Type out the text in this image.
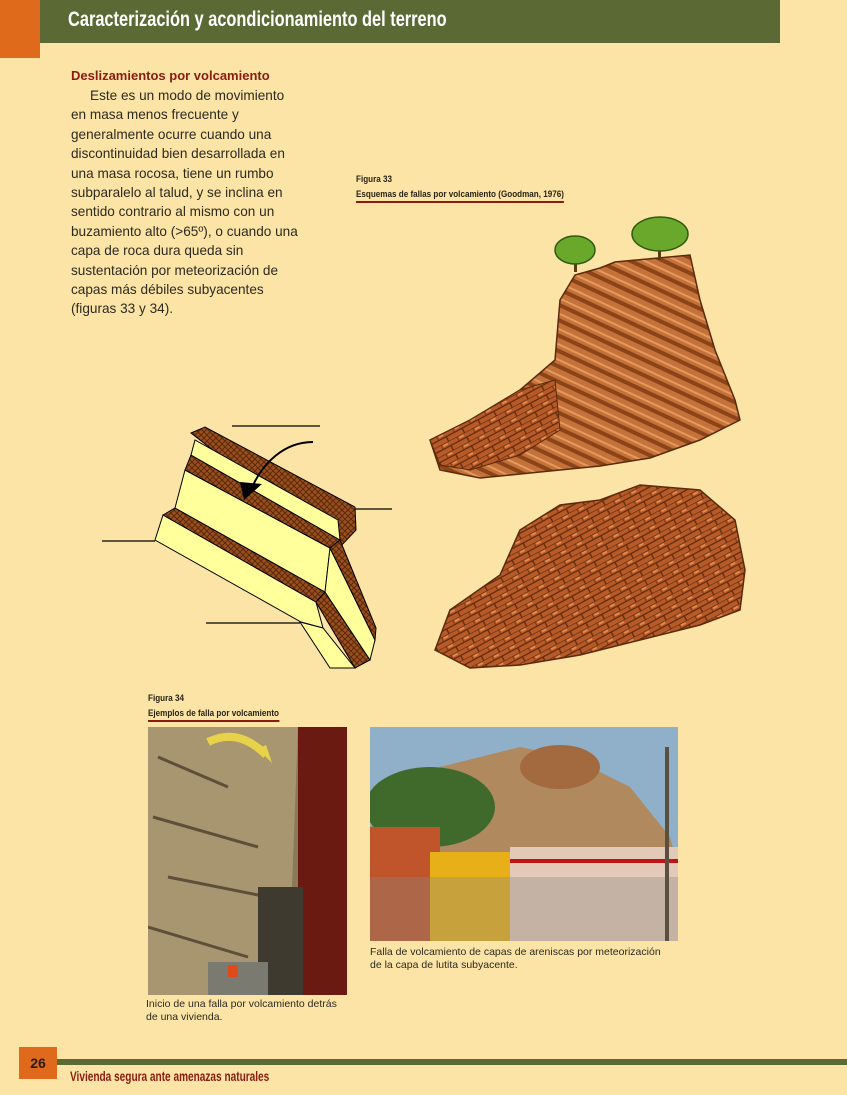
Caracterización y acondicionamiento del terreno
Deslizamientos por volcamiento
Este es un modo de movimiento en masa menos frecuente y generalmente ocurre cuando una discontinuidad bien desarrollada en una masa rocosa, tiene un rumbo subparalelo al talud, y se inclina en sentido contrario al mismo con un buzamiento alto (>65º), o cuando una capa de roca dura queda sin sustentación por meteorización de capas más débiles subyacentes (figuras 33 y 34).
Figura 33
Esquemas de fallas por volcamiento (Goodman, 1976)
Figura 34
Ejemplos de falla por volcamiento
Inicio de una falla por volcamiento detrás de una vivienda.
Falla de volcamiento de capas de areniscas por meteorización de la capa de lutita subyacente.
26
Vivienda segura ante amenazas naturales
